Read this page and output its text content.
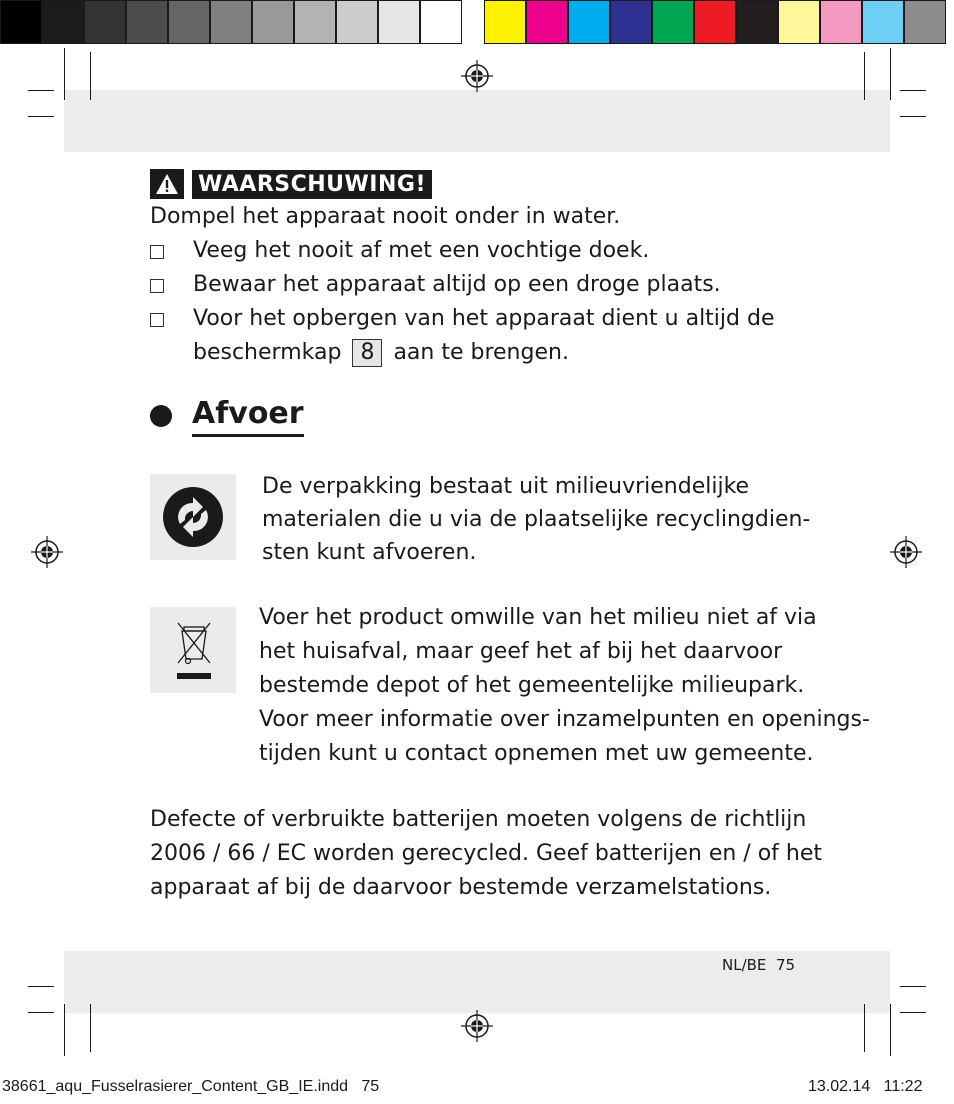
WAARSCHUWING!
Dompel het apparaat nooit onder in water.
Veeg het nooit af met een vochtige doek.
Bewaar het apparaat altijd op een droge plaats.
Voor het opbergen van het apparaat dient u altijd de
beschermkap 8 aan te brengen.
Afvoer
De verpakking bestaat uit milieuvriendelijke
materialen die u via de plaatselijke recyclingdien-
sten kunt afvoeren.
Voer het product omwille van het milieu niet af via
het huisafval, maar geef het af bij het daarvoor
bestemde depot of het gemeentelijke milieupark.
Voor meer informatie over inzamelpunten en openings-
tijden kunt u contact opnemen met uw gemeente.
Defecte of verbruikte batterijen moeten volgens de richtlijn
2006 / 66 / EC worden gerecycled. Geef batterijen en / of het
apparaat af bij de daarvoor bestemde verzamelstations.
NL/BE 75
38661_aqu_Fusselrasierer_Content_GB_IE.indd 75	13.02.14 11:22
